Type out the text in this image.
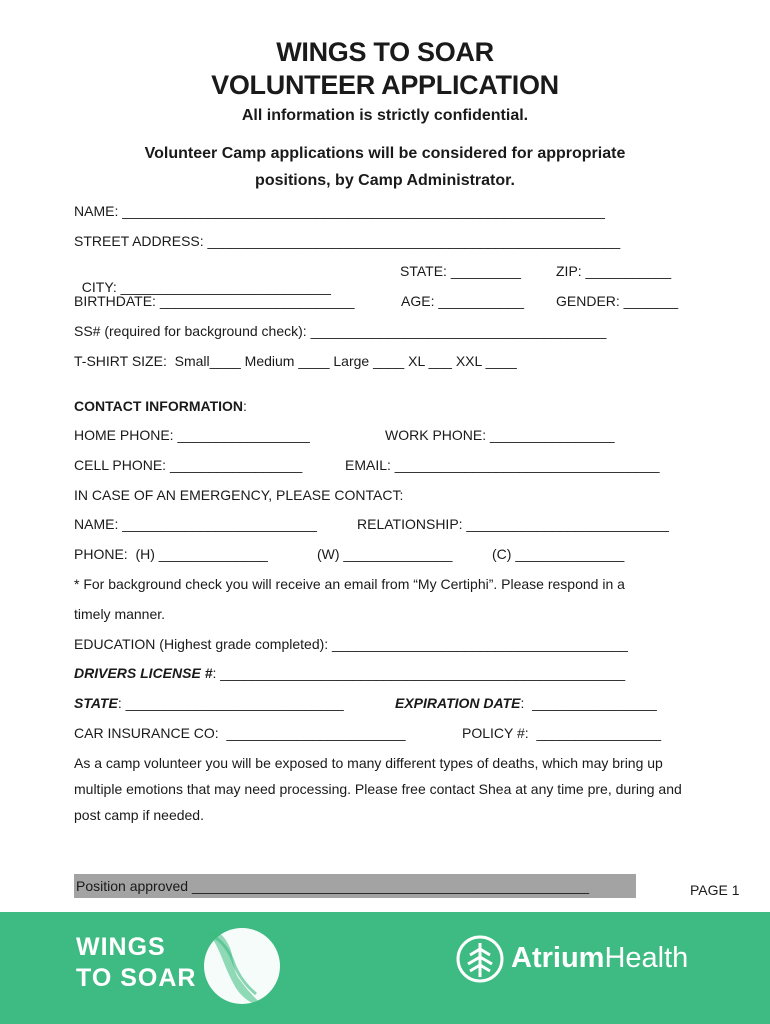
WINGS TO SOAR
VOLUNTEER APPLICATION
All information is strictly confidential.
Volunteer Camp applications will be considered for appropriate
positions, by Camp Administrator.
NAME: ______________________________________________________________
STREET ADDRESS: _____________________________________________________

CITY: ___________________________

STATE: _________	ZIP: ___________
BIRTHDATE: _________________________	AGE: ___________ GENDER: _______
SS# (required for background check): ______________________________________
T-SHIRT SIZE:  Small____ Medium ____ Large ____ XL ___ XXL ____
CONTACT INFORMATION:
HOME PHONE: _________________	WORK PHONE: ________________
CELL PHONE: _________________	EMAIL: __________________________________
IN CASE OF AN EMERGENCY, PLEASE CONTACT:
NAME: _________________________	RELATIONSHIP: __________________________
PHONE:  (H) ______________	(W) ______________	(C) ______________
* For background check you will receive an email from “My Certiphi”. Please respond in a
timely manner.
EDUCATION (Highest grade completed): ______________________________________
DRIVERS LICENSE #: ____________________________________________________
STATE: ____________________________	EXPIRATION DATE:  ________________
CAR INSURANCE CO:  _______________________	POLICY #:  ________________
As a camp volunteer you will be exposed to many different types of deaths, which may bring up multiple emotions that may need processing. Please free contact Shea at any time pre, during and post camp if needed.
Position approved ___________________________________________________	PAGE 1
WINGS
TO SOAR
AtriumHealth
